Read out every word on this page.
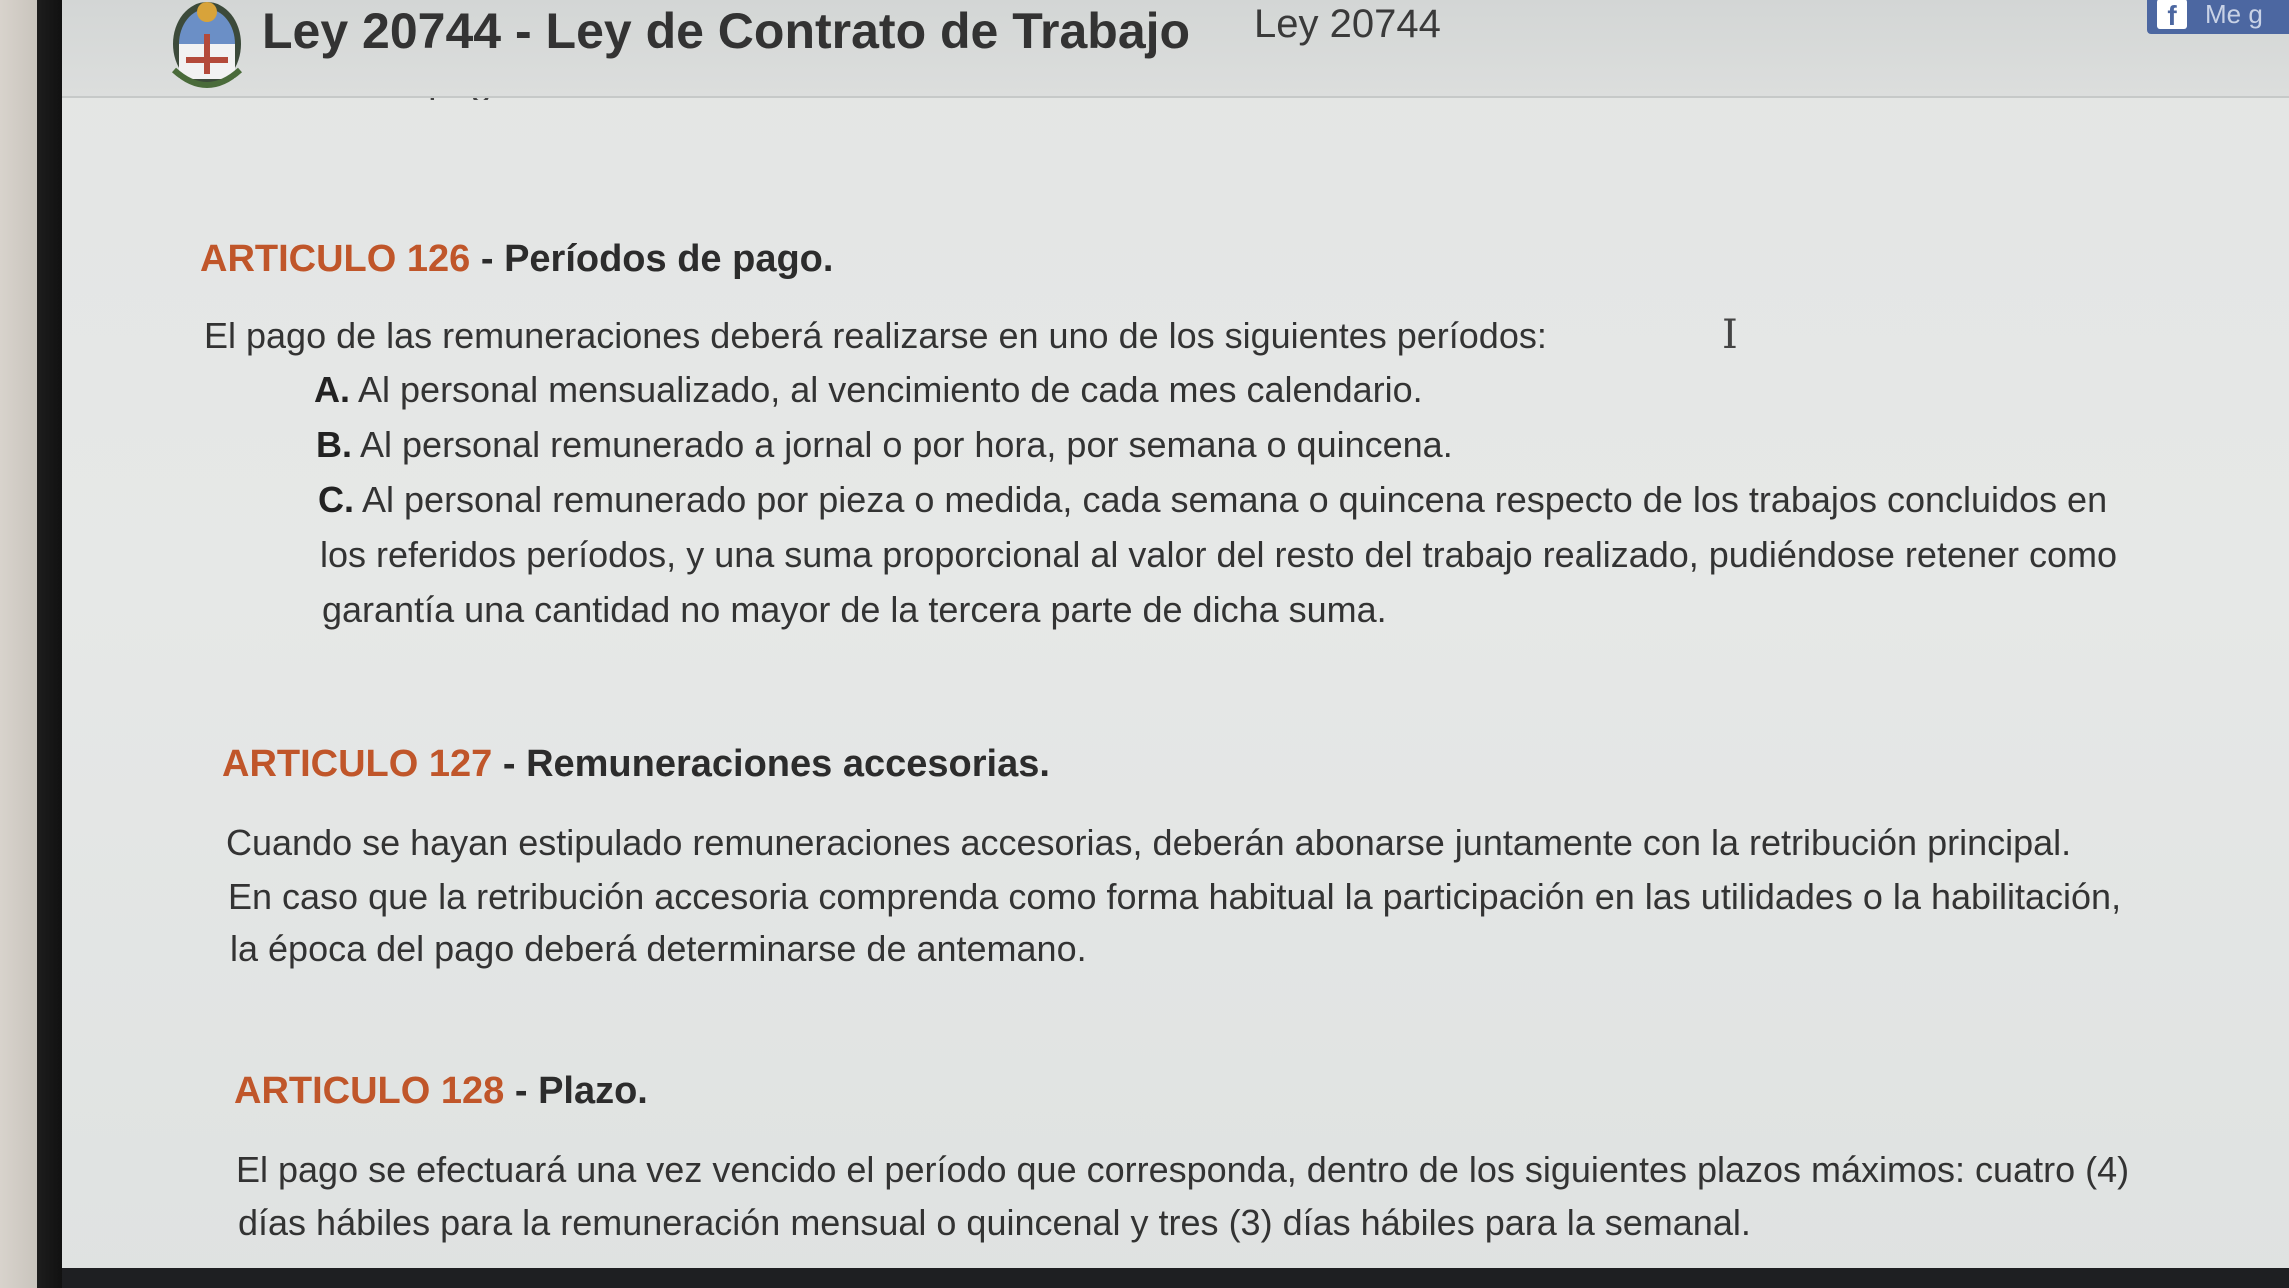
Ley 20744 - Ley de Contrato de Trabajo Ley 20744	f	Me g
ARTICULO 126 - Períodos de pago.
El pago de las remuneraciones deberá realizarse en uno de los siguientes períodos:	I
A. Al personal mensualizado, al vencimiento de cada mes calendario.
B. Al personal remunerado a jornal o por hora, por semana o quincena.
C. Al personal remunerado por pieza o medida, cada semana o quincena respecto de los trabajos concluidos en
los referidos períodos, y una suma proporcional al valor del resto del trabajo realizado, pudiéndose retener como
garantía una cantidad no mayor de la tercera parte de dicha suma.
ARTICULO 127 - Remuneraciones accesorias.
Cuando se hayan estipulado remuneraciones accesorias, deberán abonarse juntamente con la retribución principal.
En caso que la retribución accesoria comprenda como forma habitual la participación en las utilidades o la habilitación,
la época del pago deberá determinarse de antemano.
ARTICULO 128 - Plazo.
El pago se efectuará una vez vencido el período que corresponda, dentro de los siguientes plazos máximos: cuatro (4)
días hábiles para la remuneración mensual o quincenal y tres (3) días hábiles para la semanal.
